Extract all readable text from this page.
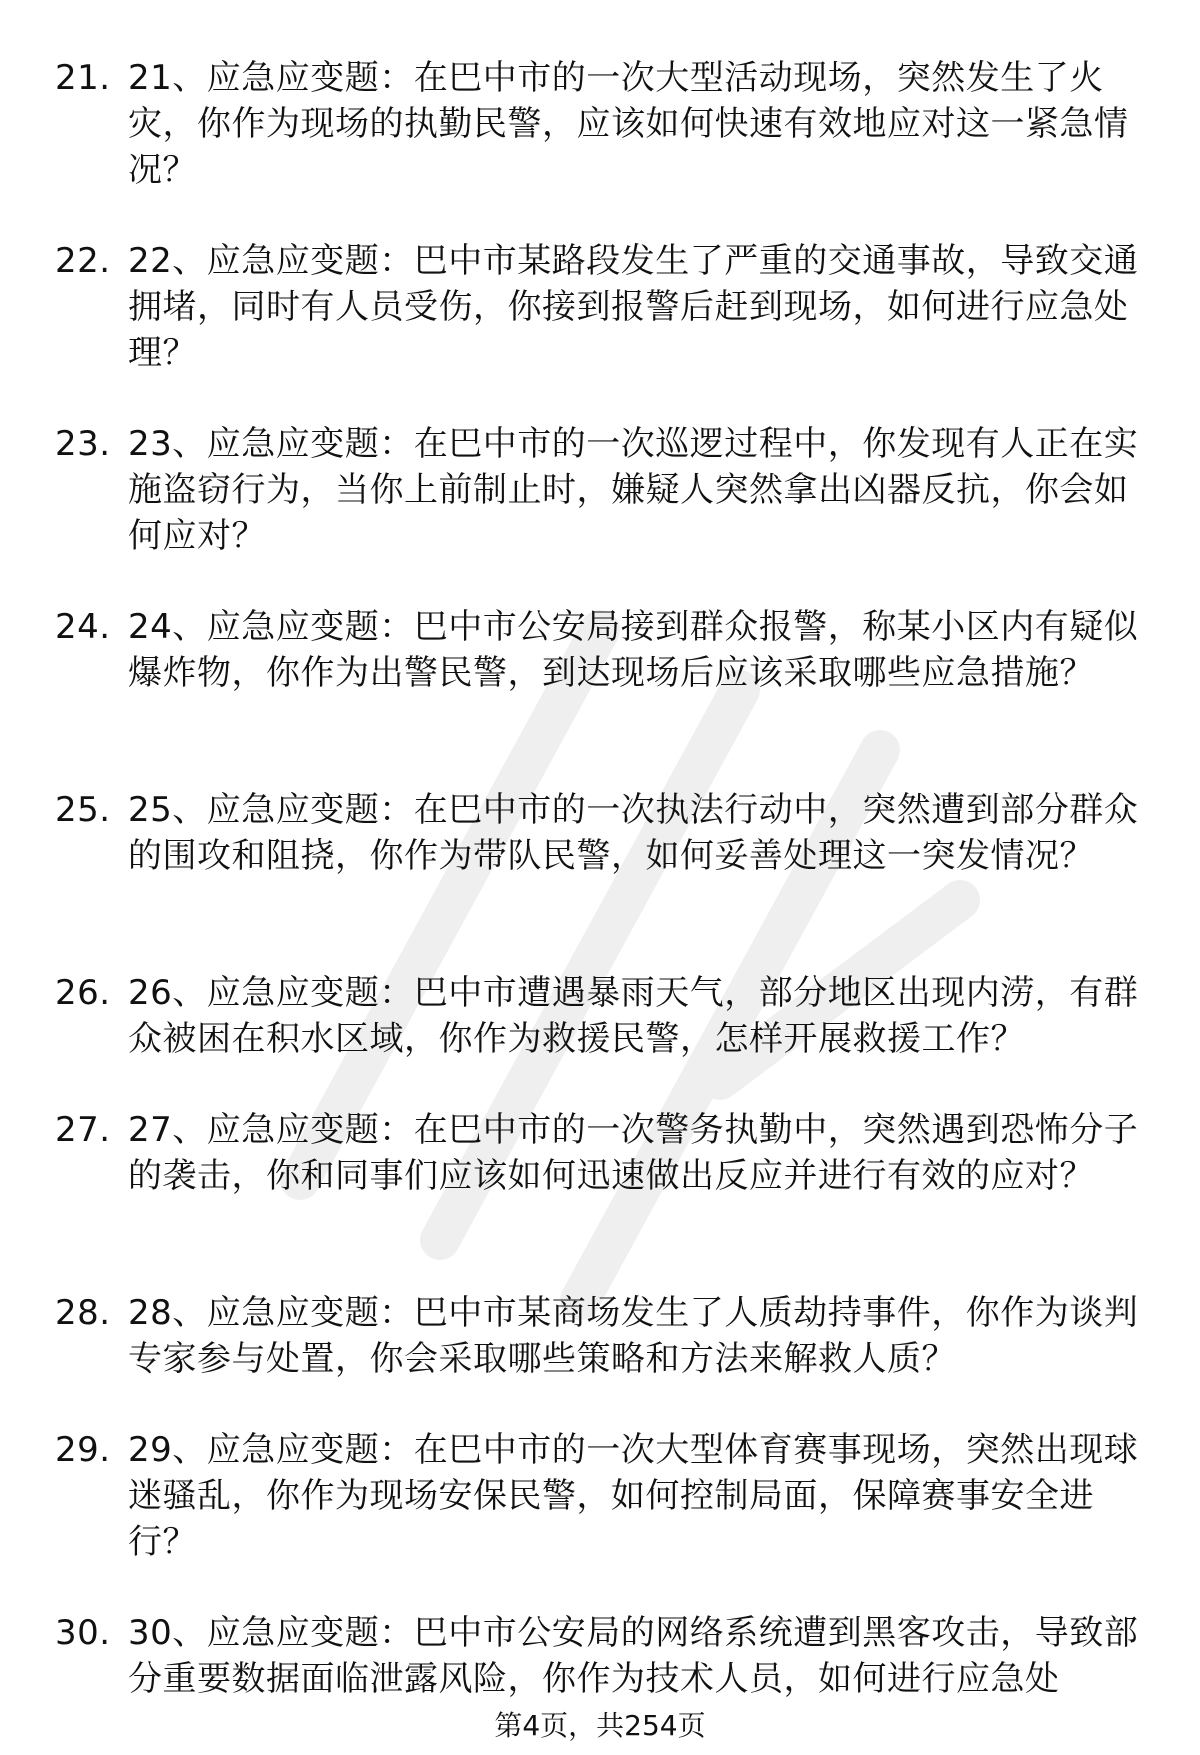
21. 21、应急应变题：在巴中市的一次大型活动现场，突然发生了火灾，你作为现场的执勤民警，应该如何快速有效地应对这一紧急情况？
22. 22、应急应变题：巴中市某路段发生了严重的交通事故，导致交通拥堵，同时有人员受伤，你接到报警后赶到现场，如何进行应急处理？
23. 23、应急应变题：在巴中市的一次巡逻过程中，你发现有人正在实施盗窃行为，当你上前制止时，嫌疑人突然拿出凶器反抗，你会如何应对？
24. 24、应急应变题：巴中市公安局接到群众报警，称某小区内有疑似爆炸物，你作为出警民警，到达现场后应该采取哪些应急措施？
25. 25、应急应变题：在巴中市的一次执法行动中，突然遭到部分群众的围攻和阻挠，你作为带队民警，如何妥善处理这一突发情况？
26. 26、应急应变题：巴中市遭遇暴雨天气，部分地区出现内涝，有群众被困在积水区域，你作为救援民警，怎样开展救援工作？
27. 27、应急应变题：在巴中市的一次警务执勤中，突然遇到恐怖分子的袭击，你和同事们应该如何迅速做出反应并进行有效的应对？
28. 28、应急应变题：巴中市某商场发生了人质劫持事件，你作为谈判专家参与处置，你会采取哪些策略和方法来解救人质？
29. 29、应急应变题：在巴中市的一次大型体育赛事现场，突然出现球迷骚乱，你作为现场安保民警，如何控制局面，保障赛事安全进行？
30. 30、应急应变题：巴中市公安局的网络系统遭到黑客攻击，导致部分重要数据面临泄露风险，你作为技术人员，如何进行应急处
第4页，共254页
